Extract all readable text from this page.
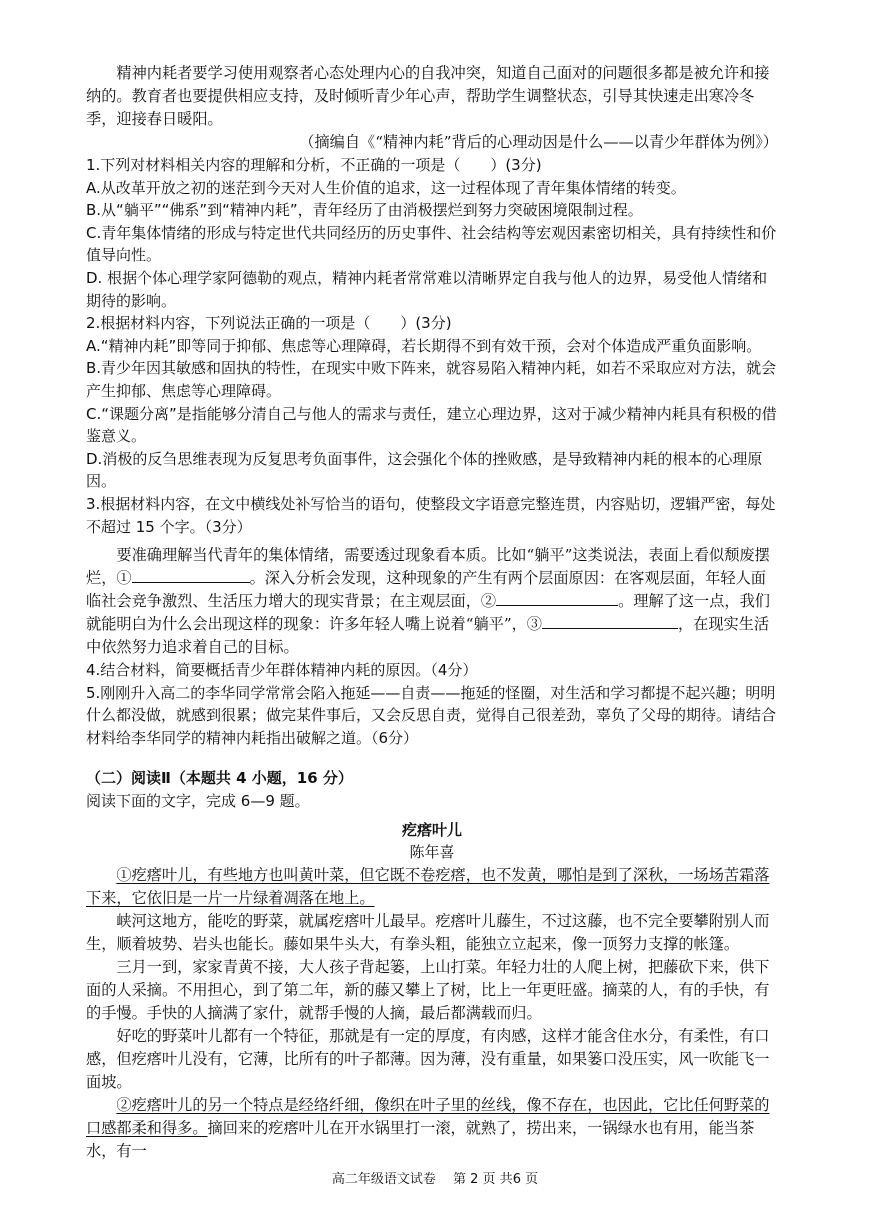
精神内耗者要学习使用观察者心态处理内心的自我冲突，知道自己面对的问题很多都是被允许和接纳的。教育者也要提供相应支持，及时倾听青少年心声，帮助学生调整状态，引导其快速走出寒冷冬季，迎接春日暖阳。

（摘编自《“精神内耗”背后的心理动因是什么——以青少年群体为例》）

1.下列对材料相关内容的理解和分析，不正确的一项是（　　）(3分)

A.从改革开放之初的迷茫到今天对人生价值的追求，这一过程体现了青年集体情绪的转变。

B.从“躺平”“佛系”到“精神内耗”，青年经历了由消极摆烂到努力突破困境限制过程。

C.青年集体情绪的形成与特定世代共同经历的历史事件、社会结构等宏观因素密切相关，具有持续性和价值导向性。

D. 根据个体心理学家阿德勒的观点，精神内耗者常常难以清晰界定自我与他人的边界，易受他人情绪和期待的影响。

2.根据材料内容，下列说法正确的一项是（　　）(3分)

A.“精神内耗”即等同于抑郁、焦虑等心理障碍，若长期得不到有效干预，会对个体造成严重负面影响。

B.青少年因其敏感和固执的特性，在现实中败下阵来，就容易陷入精神内耗，如若不采取应对方法，就会产生抑郁、焦虑等心理障碍。

C.“课题分离”是指能够分清自己与他人的需求与责任，建立心理边界，这对于减少精神内耗具有积极的借鉴意义。

D.消极的反刍思维表现为反复思考负面事件，这会强化个体的挫败感，是导致精神内耗的根本的心理原因。

3.根据材料内容，在文中横线处补写恰当的语句，使整段文字语意完整连贯，内容贴切，逻辑严密，每处不超过 15 个字。（3分）

要准确理解当代青年的集体情绪，需要透过现象看本质。比如“躺平”这类说法，表面上看似颓废摆烂，①	。深入分析会发现，这种现象的产生有两个层面原因：在客观层面，年轻人面临社会竞争激烈、生活压力增大的现实背景；在主观层面，②	。理解了这一点，我们就能明白为什么会出现这样的现象：许多年轻人嘴上说着“躺平”，③	，在现实生活中依然努力追求着自己的目标。

4.结合材料，简要概括青少年群体精神内耗的原因。（4分）

5.刚刚升入高二的李华同学常常会陷入拖延——自责——拖延的怪圈，对生活和学习都提不起兴趣；明明什么都没做，就感到很累；做完某件事后，又会反思自责，觉得自己很差劲，辜负了父母的期待。请结合材料给李华同学的精神内耗指出破解之道。（6分）

（二）阅读Ⅱ（本题共 4 小题，16 分）

阅读下面的文字，完成 6—9 题。

疙瘩叶儿

陈年喜

①疙瘩叶儿，有些地方也叫黄叶菜，但它既不卷疙瘩，也不发黄，哪怕是到了深秋，一场场苦霜落下来，它依旧是一片一片绿着凋落在地上。

峡河这地方，能吃的野菜，就属疙瘩叶儿最早。疙瘩叶儿藤生，不过这藤，也不完全要攀附别人而生，顺着坡势、岩头也能长。藤如果牛头大，有拳头粗，能独立立起来，像一顶努力支撑的帐篷。

三月一到，家家青黄不接，大人孩子背起篓，上山打菜。年轻力壮的人爬上树，把藤砍下来，供下面的人采摘。不用担心，到了第二年，新的藤又攀上了树，比上一年更旺盛。摘菜的人，有的手快，有的手慢。手快的人摘满了家什，就帮手慢的人摘，最后都满载而归。

好吃的野菜叶儿都有一个特征，那就是有一定的厚度，有肉感，这样才能含住水分，有柔性，有口感，但疙瘩叶儿没有，它薄，比所有的叶子都薄。因为薄，没有重量，如果篓口没压实，风一吹能飞一面坡。

②疙瘩叶儿的另一个特点是经络纤细，像织在叶子里的丝线，像不存在，也因此，它比任何野菜的口感都柔和得多。摘回来的疙瘩叶儿在开水锅里打一滚，就熟了，捞出来，一锅绿水也有用，能当茶水，有一

高二年级语文试卷　 第 2 页 共6 页
